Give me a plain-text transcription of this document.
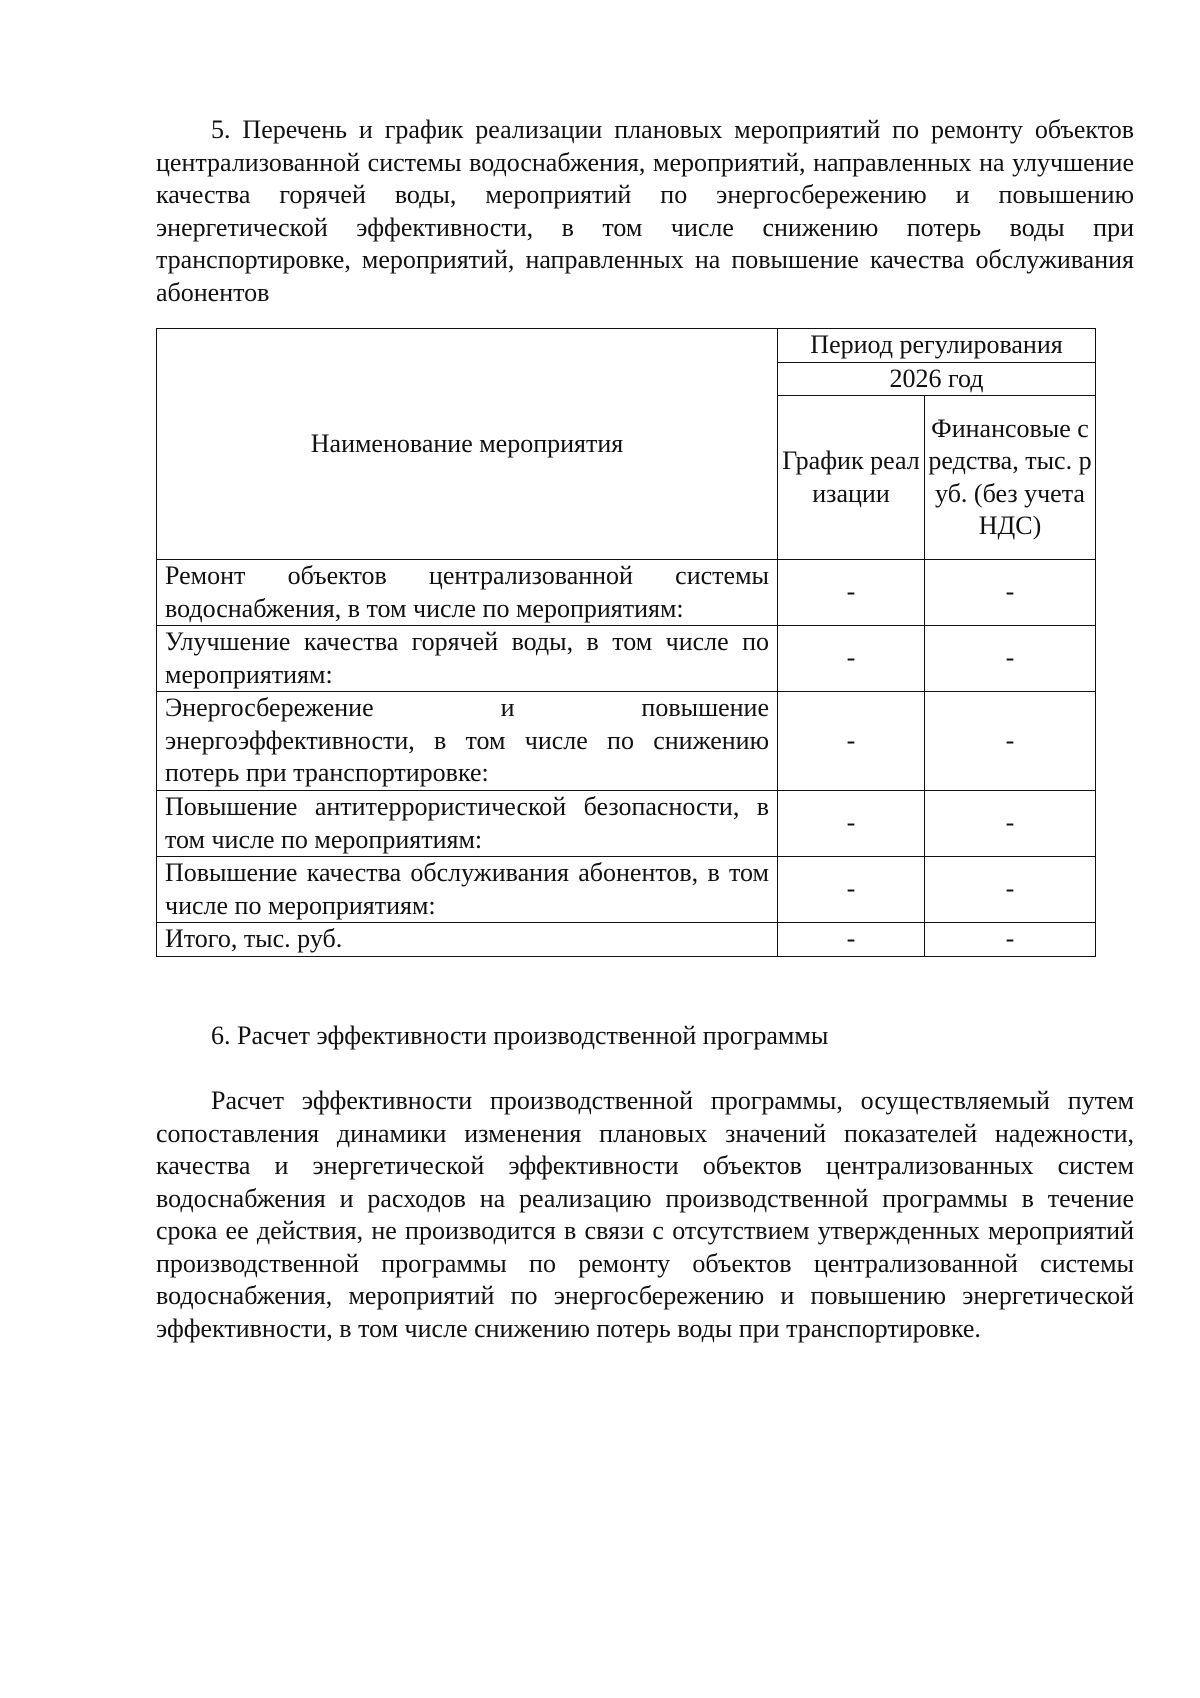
5. Перечень и график реализации плановых мероприятий по ремонту объектов централизованной системы водоснабжения, мероприятий, направленных на улучшение качества горячей воды, мероприятий по энергосбережению и повышению энергетической эффективности, в том числе снижению потерь воды при транспортировке, мероприятий, направленных на повышение качества обслуживания абонентов

Наименование мероприятия	Период регулирования	
	2026 год	
	График реализации	Финансовые средства, тыс. руб. (без учета НДС)
Ремонт объектов централизованной системы водоснабжения, в том числе по мероприятиям:	-	-
Улучшение качества горячей воды, в том числе по мероприятиям:	-	-
Энергосбережение и повышение энергоэффективности, в том числе по снижению потерь при транспортировке:	-	-
Повышение антитеррористической безопасности, в том числе по мероприятиям:	-	-
Повышение качества обслуживания абонентов, в том числе по мероприятиям:	-	-
Итого, тыс. руб.	-	-

6. Расчет эффективности производственной программы

Расчет эффективности производственной программы, осуществляемый путем сопоставления динамики изменения плановых значений показателей надежности, качества и энергетической эффективности объектов централизованных систем водоснабжения и расходов на реализацию производственной программы в течение срока ее действия, не производится в связи с отсутствием утвержденных мероприятий производственной программы по ремонту объектов централизованной системы водоснабжения, мероприятий по энергосбережению и повышению энергетической эффективности, в том числе снижению потерь воды при транспортировке.
